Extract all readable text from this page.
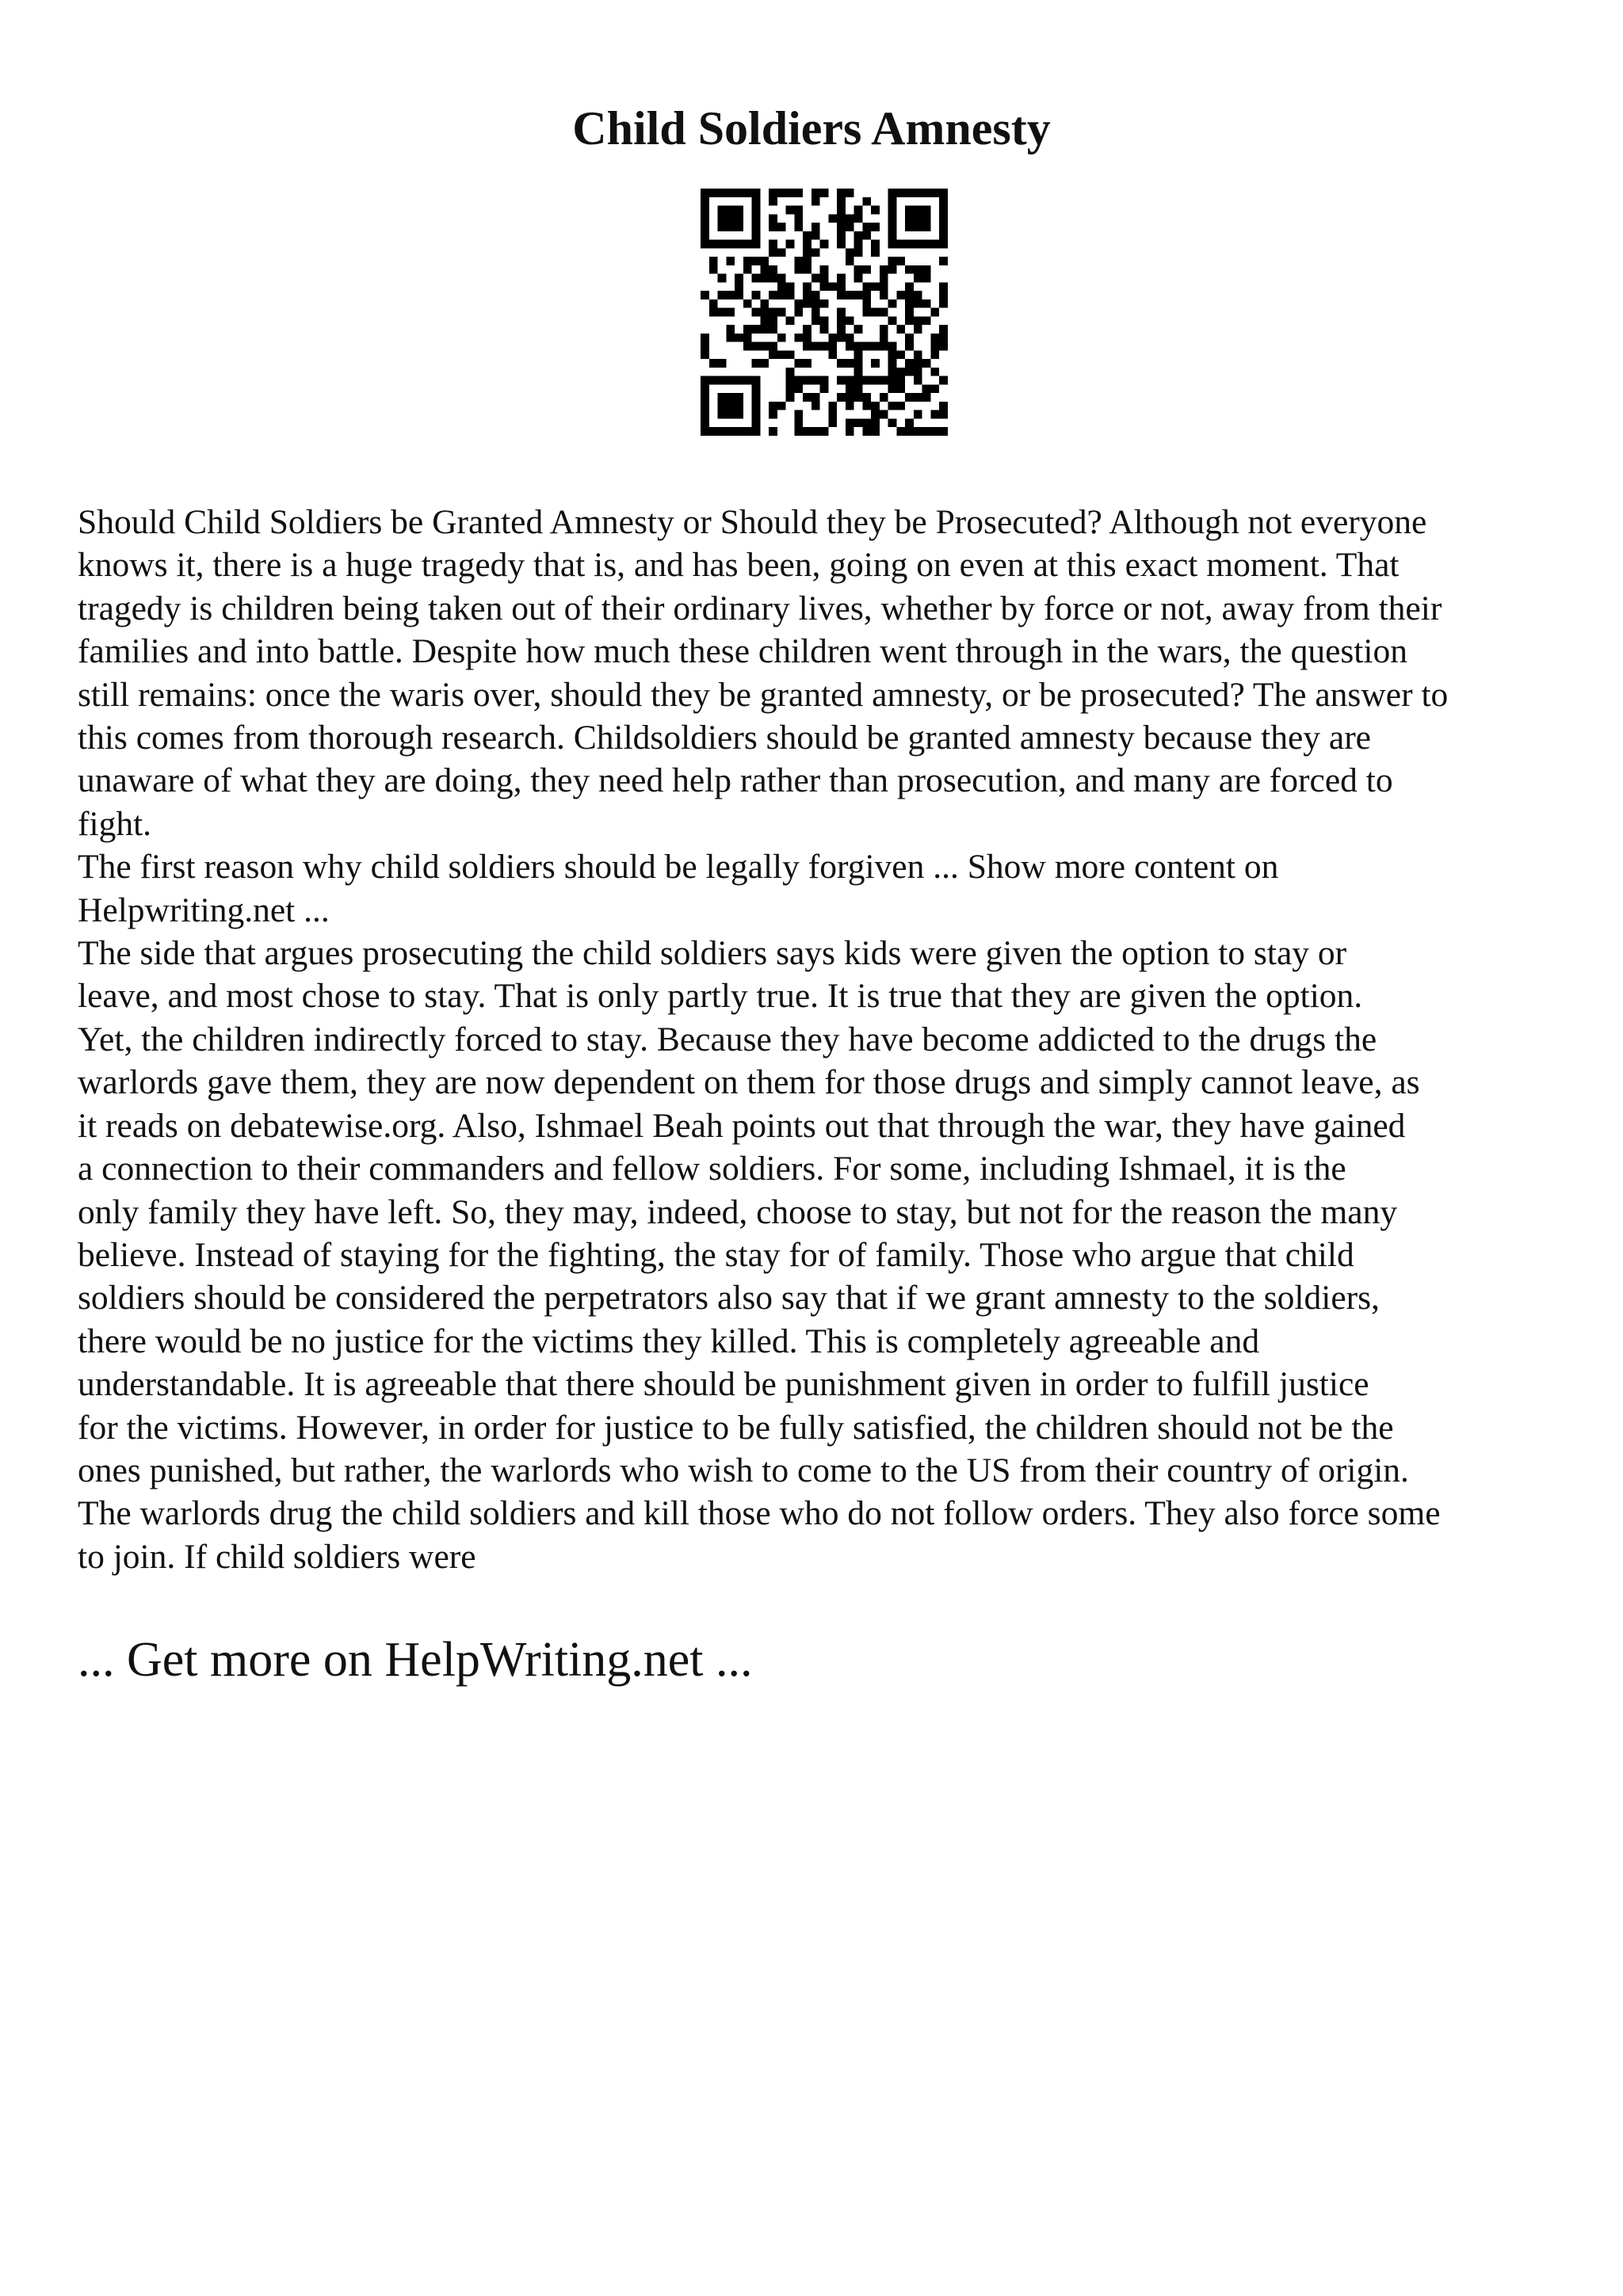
Child Soldiers Amnesty
Should Child Soldiers be Granted Amnesty or Should they be Prosecuted? Although not everyone
knows it, there is a huge tragedy that is, and has been, going on even at this exact moment. That
tragedy is children being taken out of their ordinary lives, whether by force or not, away from their
families and into battle. Despite how much these children went through in the wars, the question
still remains: once the waris over, should they be granted amnesty, or be prosecuted? The answer to
this comes from thorough research. Childsoldiers should be granted amnesty because they are
unaware of what they are doing, they need help rather than prosecution, and many are forced to
fight.
The first reason why child soldiers should be legally forgiven ... Show more content on
Helpwriting.net ...
The side that argues prosecuting the child soldiers says kids were given the option to stay or
leave, and most chose to stay. That is only partly true. It is true that they are given the option.
Yet, the children indirectly forced to stay. Because they have become addicted to the drugs the
warlords gave them, they are now dependent on them for those drugs and simply cannot leave, as
it reads on debatewise.org. Also, Ishmael Beah points out that through the war, they have gained
a connection to their commanders and fellow soldiers. For some, including Ishmael, it is the
only family they have left. So, they may, indeed, choose to stay, but not for the reason the many
believe. Instead of staying for the fighting, the stay for of family. Those who argue that child
soldiers should be considered the perpetrators also say that if we grant amnesty to the soldiers,
there would be no justice for the victims they killed. This is completely agreeable and
understandable. It is agreeable that there should be punishment given in order to fulfill justice
for the victims. However, in order for justice to be fully satisfied, the children should not be the
ones punished, but rather, the warlords who wish to come to the US from their country of origin.
The warlords drug the child soldiers and kill those who do not follow orders. They also force some
to join. If child soldiers were
... Get more on HelpWriting.net ...
